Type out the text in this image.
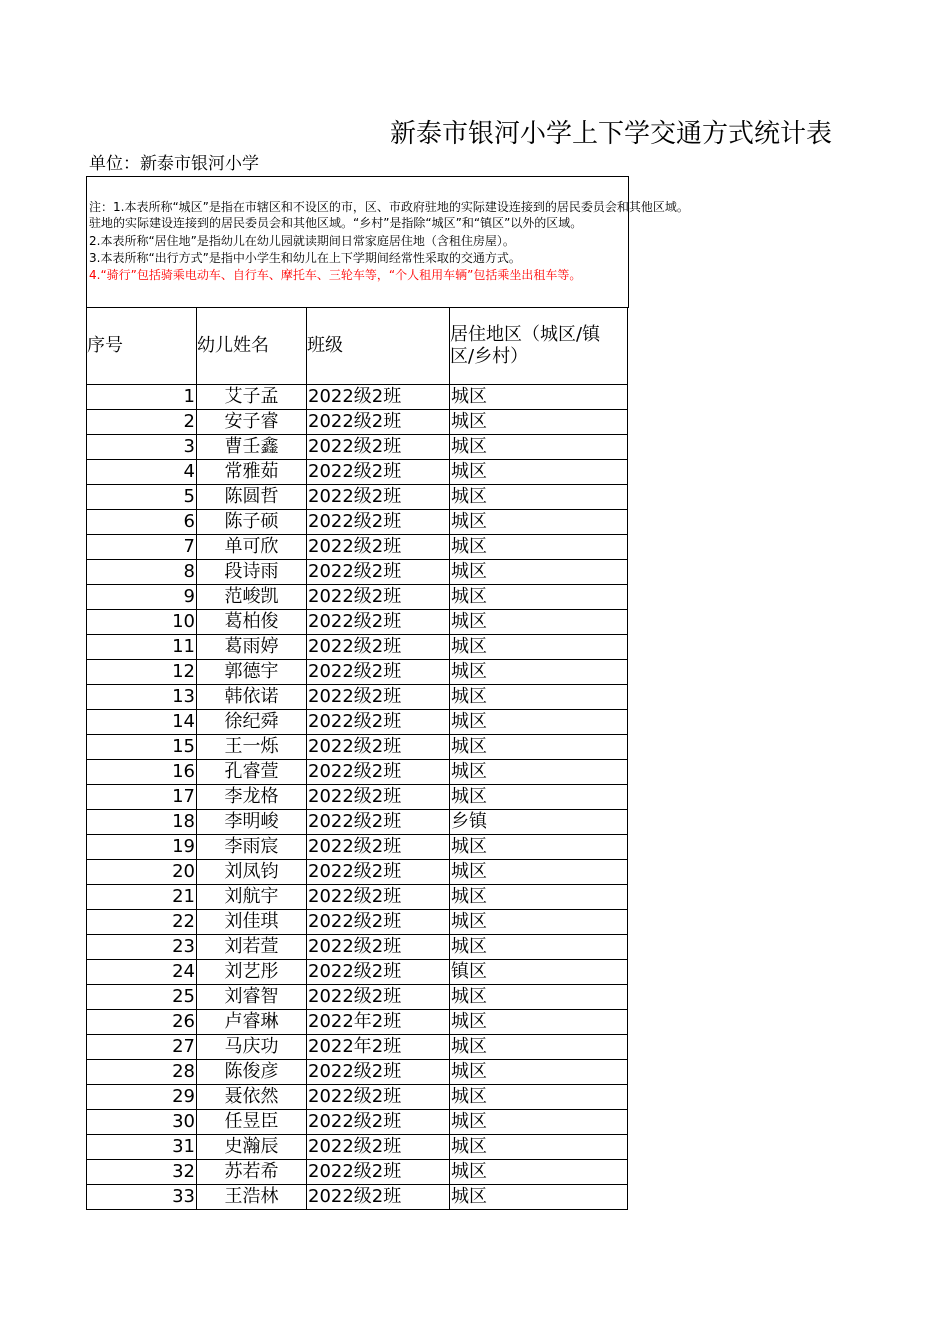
新泰市银河小学上下学交通方式统计表
单位：新泰市银河小学
注：1.本表所称“城区”是指在市辖区和不设区的市，区、市政府驻地的实际建设连接到的居民委员会和其他区域。
驻地的实际建设连接到的居民委员会和其他区域。“乡村”是指除“城区”和“镇区”以外的区域。
2.本表所称“居住地”是指幼儿在幼儿园就读期间日常家庭居住地（含租住房屋）。
3.本表所称“出行方式”是指中小学生和幼儿在上下学期间经常性采取的交通方式。
4.“骑行”包括骑乘电动车、自行车、摩托车、三轮车等，“个人租用车辆”包括乘坐出租车等。
序号	幼儿姓名	班级	居住地区（城区/镇区/乡村）
1	艾子孟	2022级2班	城区
2	安子睿	2022级2班	城区
3	曹壬鑫	2022级2班	城区
4	常雅茹	2022级2班	城区
5	陈圆哲	2022级2班	城区
6	陈子硕	2022级2班	城区
7	单可欣	2022级2班	城区
8	段诗雨	2022级2班	城区
9	范峻凯	2022级2班	城区
10	葛柏俊	2022级2班	城区
11	葛雨婷	2022级2班	城区
12	郭德宇	2022级2班	城区
13	韩依诺	2022级2班	城区
14	徐纪舜	2022级2班	城区
15	王一烁	2022级2班	城区
16	孔睿萱	2022级2班	城区
17	李龙格	2022级2班	城区
18	李明峻	2022级2班	乡镇
19	李雨宸	2022级2班	城区
20	刘凤钧	2022级2班	城区
21	刘航宇	2022级2班	城区
22	刘佳琪	2022级2班	城区
23	刘若萱	2022级2班	城区
24	刘艺彤	2022级2班	镇区
25	刘睿智	2022级2班	城区
26	卢睿琳	2022年2班	城区
27	马庆功	2022年2班	城区
28	陈俊彦	2022级2班	城区
29	聂依然	2022级2班	城区
30	任昱臣	2022级2班	城区
31	史瀚辰	2022级2班	城区
32	苏若希	2022级2班	城区
33	王浩林	2022级2班	城区
